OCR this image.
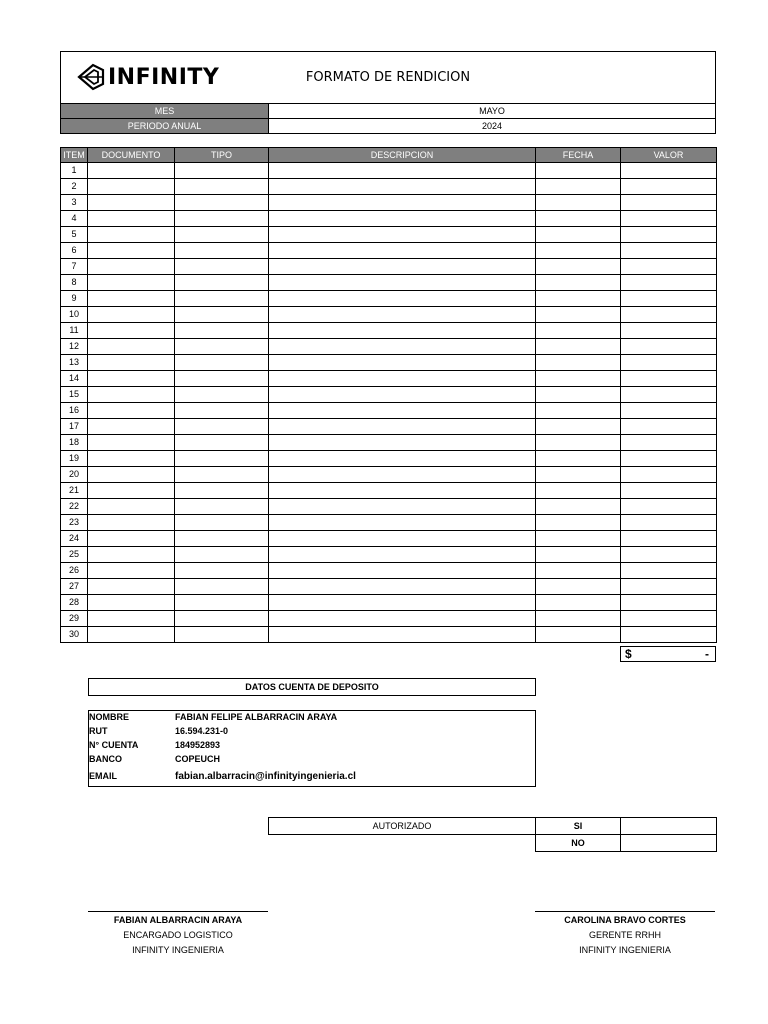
INFINITY	FORMATO DE RENDICION
MES	MAYO
PERIODO ANUAL	2024
ITEM	DOCUMENTO	TIPO	DESCRIPCION	FECHA	VALOR
1					
2					
3					
4					
5					
6					
7					
8					
9					
10					
11					
12					
13					
14					
15					
16					
17					
18					
19					
20					
21					
22					
23					
24					
25					
26					
27					
28					
29					
30					
$	-
DATOS CUENTA DE DEPOSITO
NOMBRE	FABIAN FELIPE ALBARRACIN ARAYA
RUT	16.594.231-0
N° CUENTA	184952893
BANCO	COPEUCH
EMAIL	fabian.albarracin@infinityingenieria.cl
AUTORIZADO	SI	
	NO	
FABIAN ALBARRACIN ARAYA
ENCARGADO LOGISTICO
INFINITY INGENIERIA
CAROLINA BRAVO CORTES
GERENTE RRHH
INFINITY INGENIERIA
